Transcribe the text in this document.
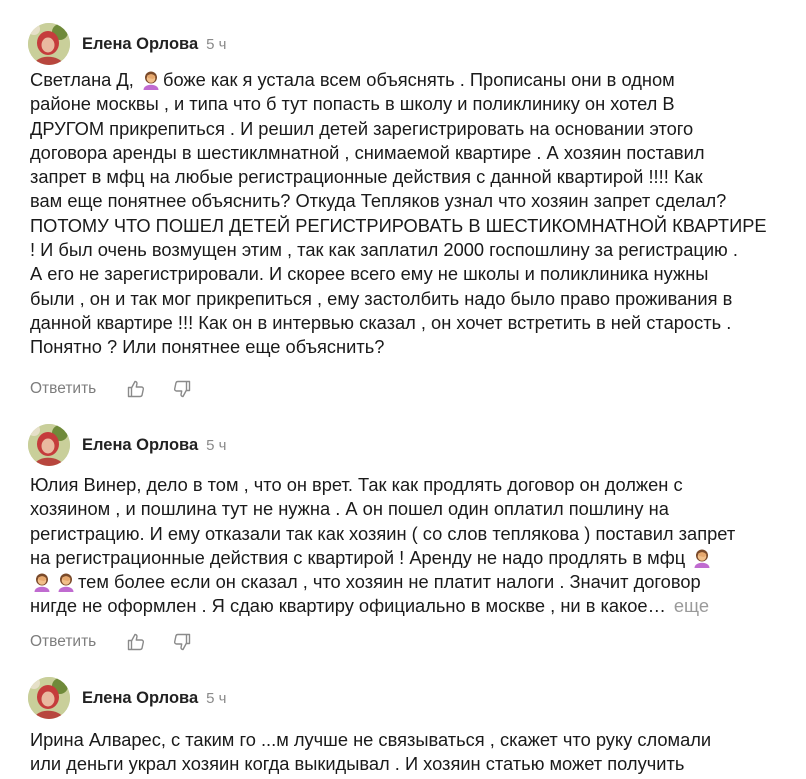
Елена Орлова 5 ч
Светлана Д, боже как я устала всем объяснять . Прописаны они в одном
районе москвы , и типа что б тут попасть в школу и поликлинику он хотел В
ДРУГОМ прикрепиться . И решил детей зарегистрировать на основании этого
договора аренды в шестиклмнатной , снимаемой квартире . А хозяин поставил
запрет в мфц на любые регистрационные действия с данной квартирой !!!! Как
вам еще понятнее объяснить? Откуда Тепляков узнал что хозяин запрет сделал?
ПОТОМУ ЧТО ПОШЕЛ ДЕТЕЙ РЕГИСТРИРОВАТЬ В ШЕСТИКОМНАТНОЙ КВАРТИРЕ
! И был очень возмущен этим , так как заплатил 2000 госпошлину за регистрацию .
А его не зарегистрировали. И скорее всего ему не школы и поликлиника нужны
были , он и так мог прикрепиться , ему застолбить надо было право проживания в
данной квартире !!! Как он в интервью сказал , он хочет встретить в ней старость .
Понятно ? Или понятнее еще объяснить?
Ответить
Елена Орлова 5 ч
Юлия Винер, дело в том , что он врет. Так как продлять договор он должен с
хозяином , и пошлина тут не нужна . А он пошел один оплатил пошлину на
регистрацию. И ему отказали так как хозяин ( со слов теплякова ) поставил запрет
на регистрационные действия с квартирой ! Аренду не надо продлять в мфц
тем более если он сказал , что хозяин не платит налоги . Значит договор
нигде не оформлен . Я сдаю квартиру официально в москве , ни в какое… еще
Ответить
Елена Орлова 5 ч
Ирина Алварес, с таким го ...м лучше не связываться , скажет что руку сломали
или деньги украл хозяин когда выкидывал . И хозяин статью может получить
